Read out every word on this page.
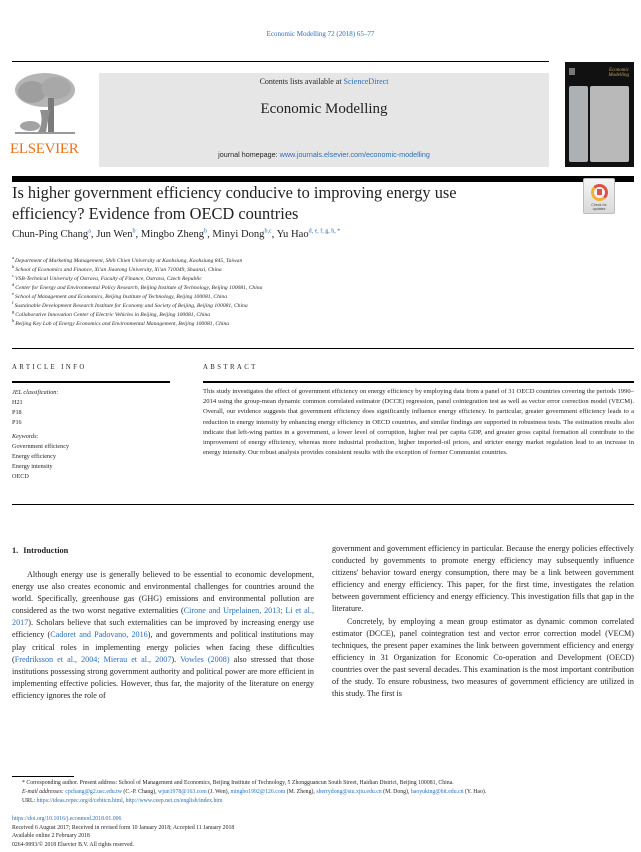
Economic Modelling 72 (2018) 65–77
ELSEVIER
Contents lists available at ScienceDirect
Economic Modelling
journal homepage: www.journals.elsevier.com/economic-modelling
Economic
Modelling
Is higher government efficiency conducive to improving energy use efficiency? Evidence from OECD countries	Check for
updates
Chun-Ping Chang$^a$, Jun Wen$^b$, Mingbo Zheng$^b$, Minyi Dong$^{b,c}$, Yu Hao$^{d, e, f, g, h, *}$
$^a$Department of Marketing Management, Shih Chien University at Kaohsiung, Kaohsiung 845, Taiwan
$^b$School of Economics and Finance, Xi'an Jiaotong University, Xi'an 710049, Shaanxi, China
$^c$VSB-Technical University of Ostrava, Faculty of Finance, Ostrava, Czech Republic
$^d$Center for Energy and Environmental Policy Research, Beijing Institute of Technology, Beijing 100081, China
$^e$School of Management and Economics, Beijing Institute of Technology, Beijing 100081, China
$^f$Sustainable Development Research Institute for Economy and Society of Beijing, Beijing 100081, China
$^g$Collaborative Innovation Center of Electric Vehicles in Beijing, Beijing 100081, China
$^h$Beijing Key Lab of Energy Economics and Environmental Management, Beijing 100081, China
ARTICLE INFO	ABSTRACT
JEL classification:
H21
P18
P16
Keywords:
Government efficiency
Energy efficiency
Energy intensity
OECD
This study investigates the effect of government efficiency on energy efficiency by employing data from a panel of 31 OECD countries covering the periods 1990–2014 using the group-mean dynamic common correlated estimator (DCCE) regression, panel cointegration test as well as vector error correction model (VECM). Overall, our evidence suggests that government efficiency does significantly influence energy efficiency. In particular, greater government efficiency leads to a reduction in energy intensity by enhancing energy efficiency in OECD countries, and similar findings are supported in robustness tests. The estimation results also indicate that left-wing parties in a government, a lower level of corruption, higher real per capita GDP, and greater gross capital formation all contribute to the improvement of energy efficiency, whereas more industrial production, higher imported-oil prices, and stricter energy market regulation lead to an increase in energy intensity. Our robust analysis provides consistent results with the exception of former Communist countries.
1. Introduction

Although energy use is generally believed to be essential to economic development, energy use also creates economic and environmental challenges for countries around the world. Specifically, greenhouse gas (GHG) emissions and environmental pollution are considered as the two worst negative externalities (Cirone and Urpelainen, 2013; Li et al., 2017). Scholars believe that such externalities can be improved by increasing energy use efficiency (Cadoret and Padovano, 2016), and governments and political institutions may play critical roles in implementing energy policies when facing these difficulties (Fredriksson et al., 2004; Mierau et al., 2007). Vowles (2008) also stressed that those institutions possessing strong government authority and political power are more efficient in implementing effective policies. However, thus far, the majority of the literature on energy efficiency ignores the role of

government and government efficiency in particular. Because the energy policies effectively conducted by governments to promote energy efficiency may subsequently influence citizens' behavior toward energy consumption, there may be a link between government efficiency and energy efficiency. This paper, for the first time, investigates the relation between government efficiency and energy efficiency. This investigation fills that gap in the literature.

Concretely, by employing a mean group estimator as dynamic common correlated estimator (DCCE), panel cointegration test and vector error correction model (VECM) techniques, the present paper examines the link between government efficiency and energy efficiency in 31 Organization for Economic Co-operation and Development (OECD) countries over the past several decades. This examination is the most important contribution of the study. To ensure robustness, two measures of government efficiency are utilized in this study. The first is

* Corresponding author. Present address: School of Management and Economics, Beijing Institute of Technology, 5 Zhongguancun South Street, Haidian District, Beijing 100081, China.
E-mail addresses: cpchang@g2.usc.edu.tw (C.-P. Chang), wjun1978@163.com (J. Wen), mingbo1992@126.com (M. Zheng), sherrydong@stu.xjtu.edu.cn (M. Dong), haoyuking@bit.edu.cn (Y. Hao).
URL: https://ideas.repec.org/d/cebitcn.html, http://www.ceep.net.cn/english/index.htm
https://doi.org/10.1016/j.econmod.2018.01.006
Received 6 August 2017; Received in revised form 10 January 2018; Accepted 11 January 2018
Available online 2 February 2018
0264-9993/© 2018 Elsevier B.V. All rights reserved.
